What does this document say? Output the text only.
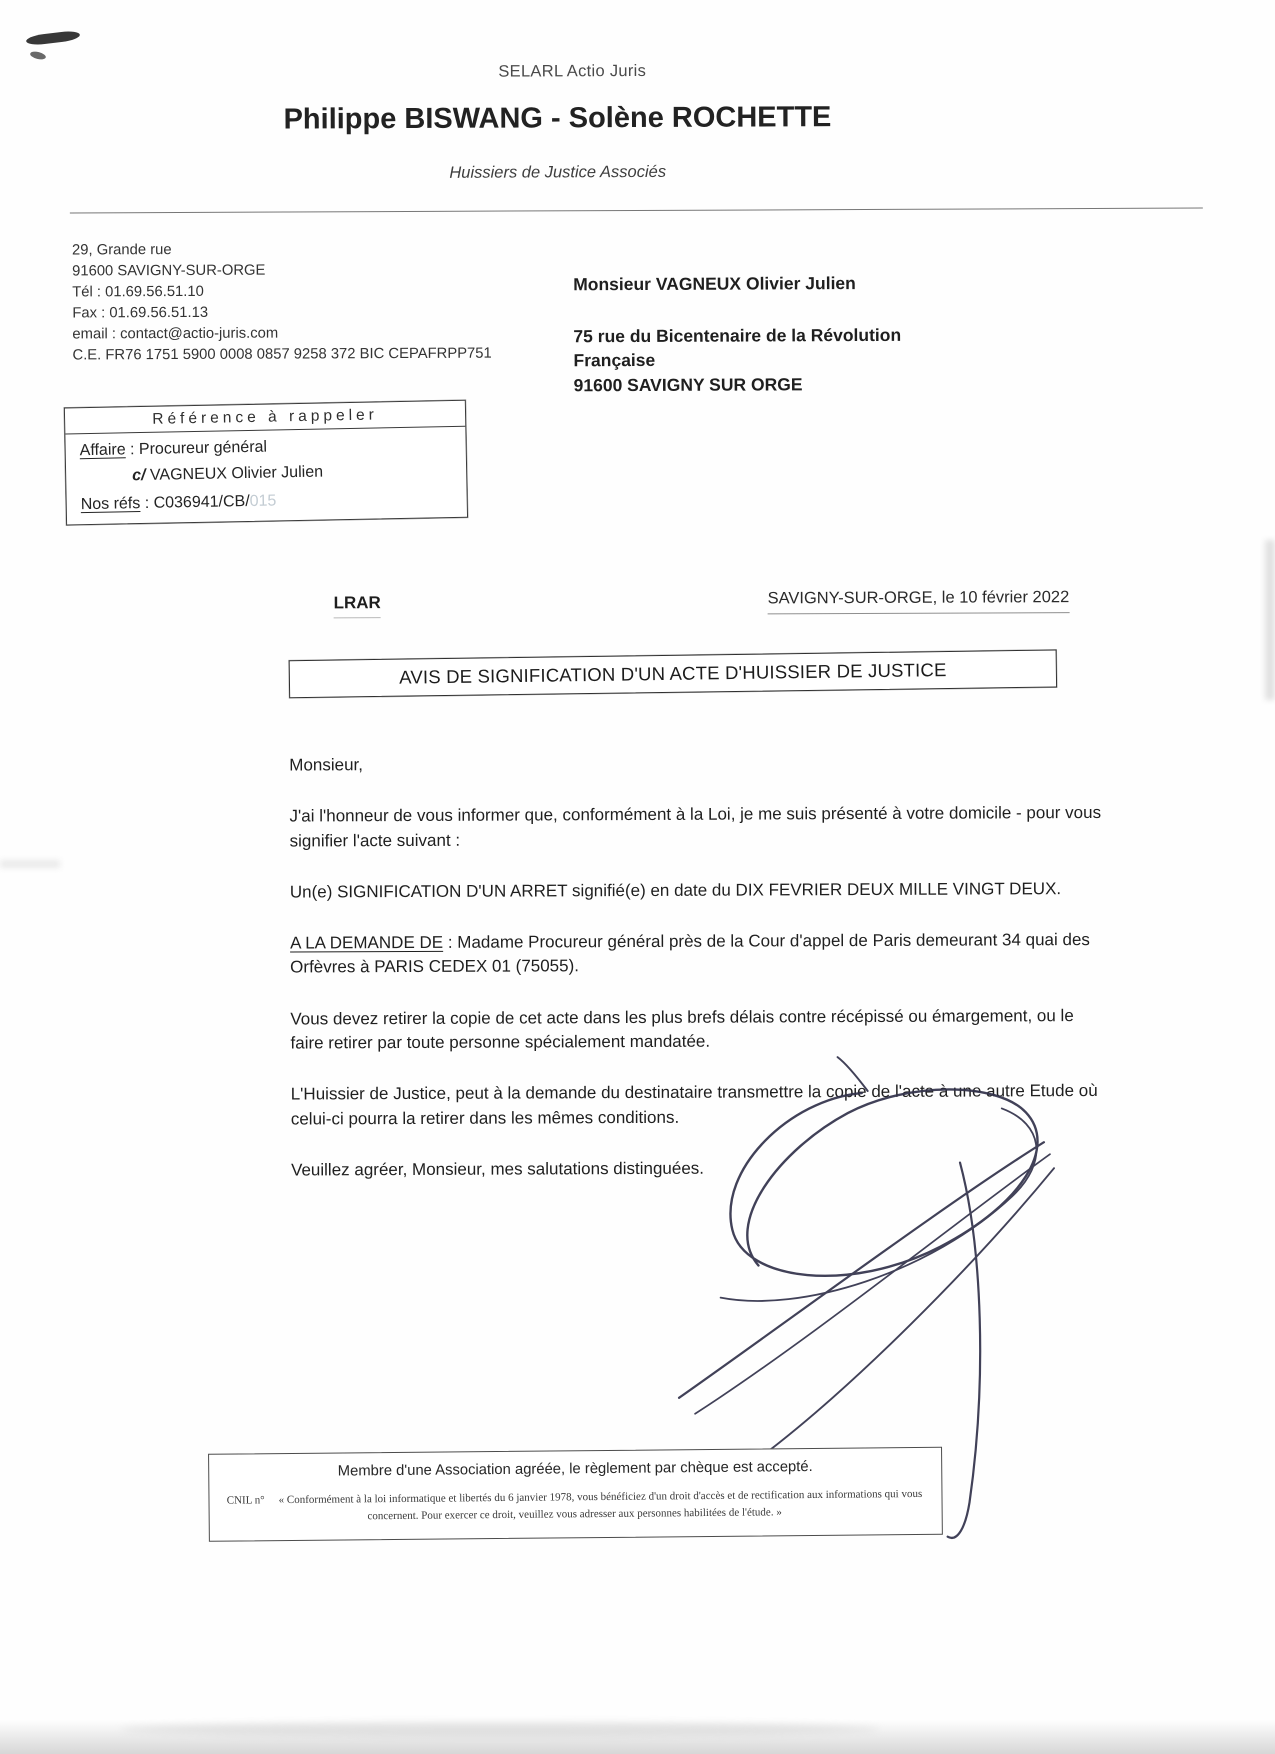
SELARL Actio Juris
Philippe BISWANG - Solène ROCHETTE
Huissiers de Justice Associés
29, Grande rue
91600 SAVIGNY-SUR-ORGE
Tél : 01.69.56.51.10
Fax : 01.69.56.51.13
email : contact@actio-juris.com
C.E. FR76 1751 5900 0008 0857 9258 372 BIC CEPAFRPP751
Monsieur VAGNEUX Olivier Julien
75 rue du Bicentenaire de la Révolution
Française
91600 SAVIGNY SUR ORGE
Référence à rappeler
Affaire : Procureur général
c/ VAGNEUX Olivier Julien
Nos réfs : C036941/CB/015
LRAR	SAVIGNY-SUR-ORGE, le 10 février 2022
AVIS DE SIGNIFICATION D'UN ACTE D'HUISSIER DE JUSTICE

Monsieur,

J'ai l'honneur de vous informer que, conformément à la Loi, je me suis présenté à votre domicile - pour vous signifier l'acte suivant :

Un(e) SIGNIFICATION D'UN ARRET signifié(e) en date du DIX FEVRIER DEUX MILLE VINGT DEUX.

A LA DEMANDE DE : Madame Procureur général près de la Cour d'appel de Paris demeurant 34 quai des Orfèvres à PARIS CEDEX 01 (75055).

Vous devez retirer la copie de cet acte dans les plus brefs délais contre récépissé ou émargement, ou le faire retirer par toute personne spécialement mandatée.

L'Huissier de Justice, peut à la demande du destinataire transmettre la copie de l'acte à une autre Etude où celui-ci pourra la retirer dans les mêmes conditions.

Veuillez agréer, Monsieur, mes salutations distinguées.

Membre d'une Association agréée, le règlement par chèque est accepté.
CNIL n° « Conformément à la loi informatique et libertés du 6 janvier 1978, vous bénéficiez d'un droit d'accès et de rectification aux informations qui vous concernent. Pour exercer ce droit, veuillez vous adresser aux personnes habilitées de l'étude. »
